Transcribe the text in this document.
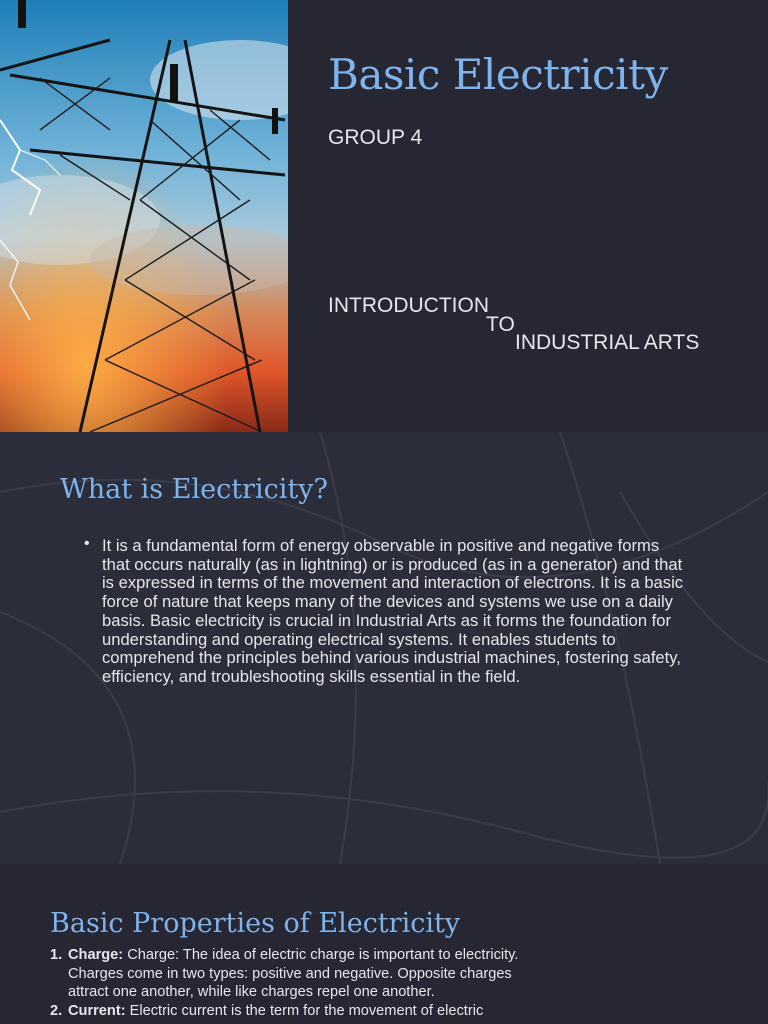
Basic Electricity
GROUP 4
INTRODUCTION
TO
INDUSTRIAL ARTS
What is Electricity?
• It is a fundamental form of energy observable in positive and negative forms that occurs naturally (as in lightning) or is produced (as in a generator) and that is expressed in terms of the movement and interaction of electrons. It is a basic force of nature that keeps many of the devices and systems we use on a daily basis. Basic electricity is crucial in Industrial Arts as it forms the foundation for understanding and operating electrical systems. It enables students to comprehend the principles behind various industrial machines, fostering safety, efficiency, and troubleshooting skills essential in the field.
Basic Properties of Electricity
1. Charge: Charge: The idea of electric charge is important to electricity. Charges come in two types: positive and negative. Opposite charges attract one another, while like charges repel one another.
2. Current: Electric current is the term for the movement of electric
